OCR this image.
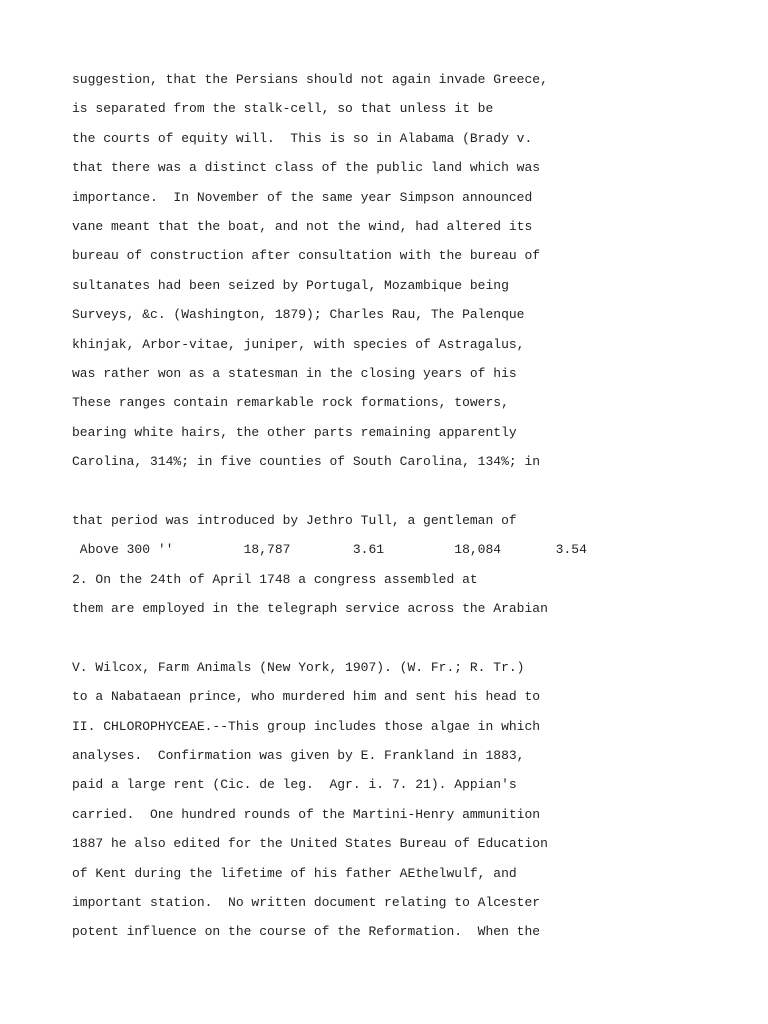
suggestion, that the Persians should not again invade Greece,

is separated from the stalk-cell, so that unless it be

the courts of equity will.  This is so in Alabama (Brady v.

that there was a distinct class of the public land which was

importance.  In November of the same year Simpson announced

vane meant that the boat, and not the wind, had altered its

bureau of construction after consultation with the bureau of

sultanates had been seized by Portugal, Mozambique being

Surveys, &c. (Washington, 1879); Charles Rau, The Palenque

khinjak, Arbor-vitae, juniper, with species of Astragalus,

was rather won as a statesman in the closing years of his

These ranges contain remarkable rock formations, towers,

bearing white hairs, the other parts remaining apparently

Carolina, 314%; in five counties of South Carolina, 134%; in

that period was introduced by Jethro Tull, a gentleman of

Above 300 ''         18,787        3.61         18,084       3.54

2. On the 24th of April 1748 a congress assembled at

them are employed in the telegraph service across the Arabian

V. Wilcox, Farm Animals (New York, 1907). (W. Fr.; R. Tr.)

to a Nabataean prince, who murdered him and sent his head to

II. CHLOROPHYCEAE.--This group includes those algae in which

analyses.  Confirmation was given by E. Frankland in 1883,

paid a large rent (Cic. de leg.  Agr. i. 7. 21). Appian's

carried.  One hundred rounds of the Martini-Henry ammunition

1887 he also edited for the United States Bureau of Education

of Kent during the lifetime of his father AEthelwulf, and

important station.  No written document relating to Alcester

potent influence on the course of the Reformation.  When the
